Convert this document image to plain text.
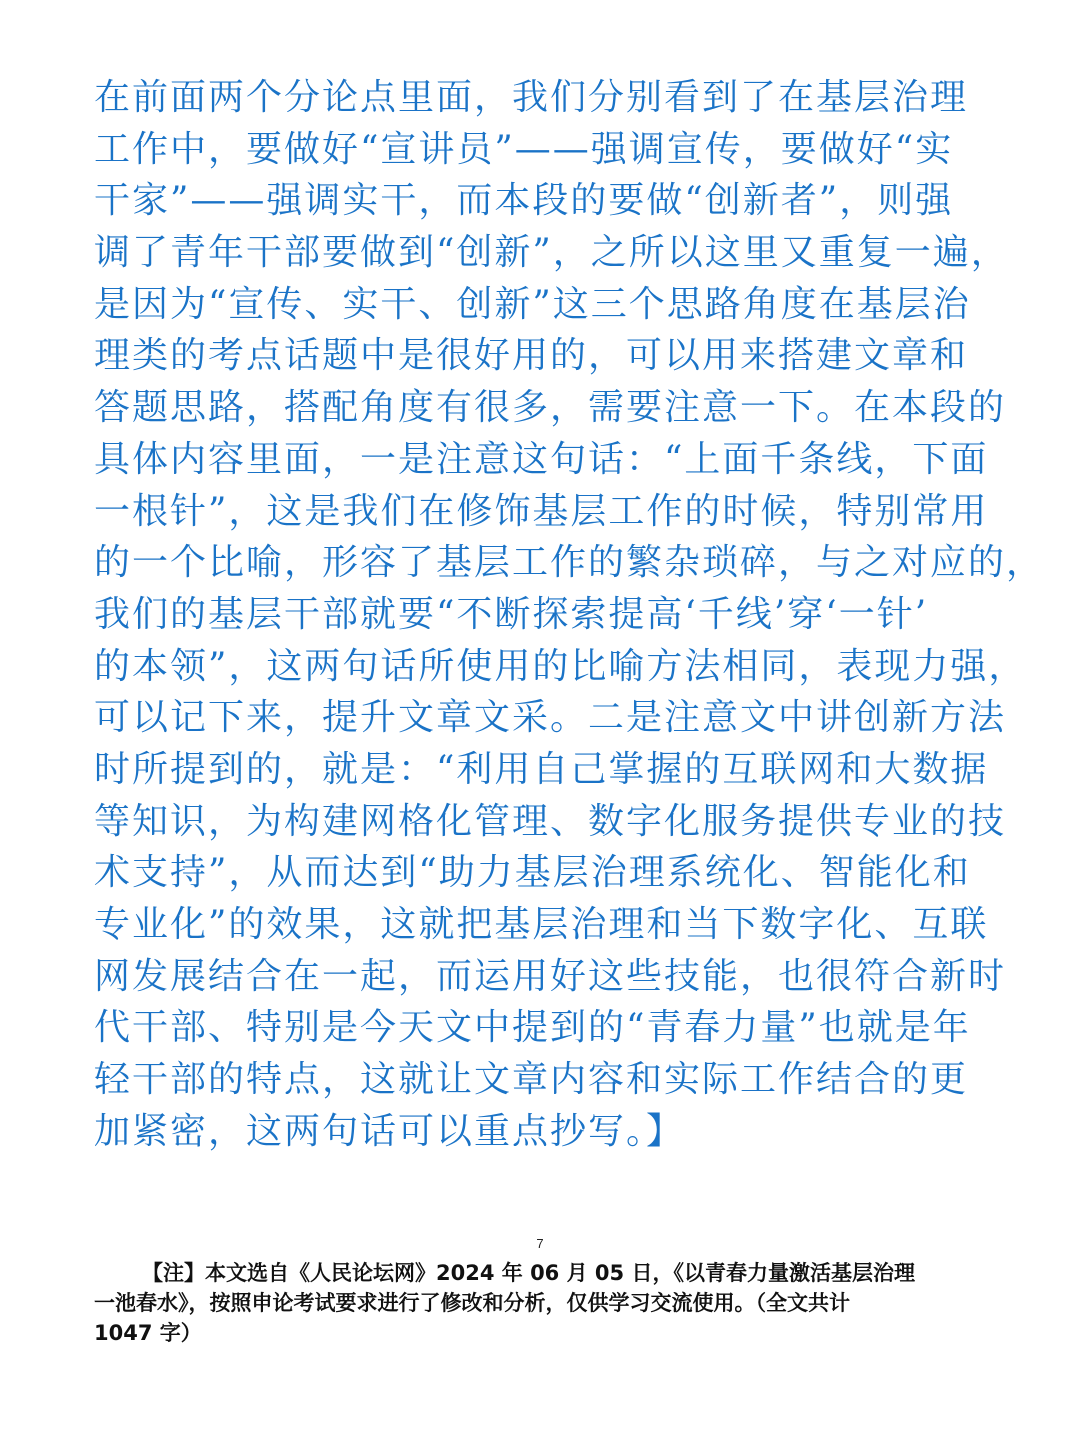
在前面两个分论点里面，我们分别看到了在基层治理
工作中，要做好“宣讲员”——强调宣传，要做好“实
干家”——强调实干，而本段的要做“创新者”，则强
调了青年干部要做到“创新”，之所以这里又重复一遍，
是因为“宣传、实干、创新”这三个思路角度在基层治
理类的考点话题中是很好用的，可以用来搭建文章和
答题思路，搭配角度有很多，需要注意一下。在本段的
具体内容里面，一是注意这句话：“上面千条线，下面
一根针”，这是我们在修饰基层工作的时候，特别常用
的一个比喻，形容了基层工作的繁杂琐碎，与之对应的，
我们的基层干部就要“不断探索提高‘千线’穿‘一针’
的本领”，这两句话所使用的比喻方法相同，表现力强，
可以记下来，提升文章文采。二是注意文中讲创新方法
时所提到的，就是：“利用自己掌握的互联网和大数据
等知识，为构建网格化管理、数字化服务提供专业的技
术支持”，从而达到“助力基层治理系统化、智能化和
专业化”的效果，这就把基层治理和当下数字化、互联
网发展结合在一起，而运用好这些技能，也很符合新时
代干部、特别是今天文中提到的“青春力量”也就是年
轻干部的特点，这就让文章内容和实际工作结合的更
加紧密，这两句话可以重点抄写。】
7
【注】本文选自《人民论坛网》2024 年 06 月 05 日，《以青春力量激活基层治理
一池春水》，按照申论考试要求进行了修改和分析，仅供学习交流使用。（全文共计
1047 字）
